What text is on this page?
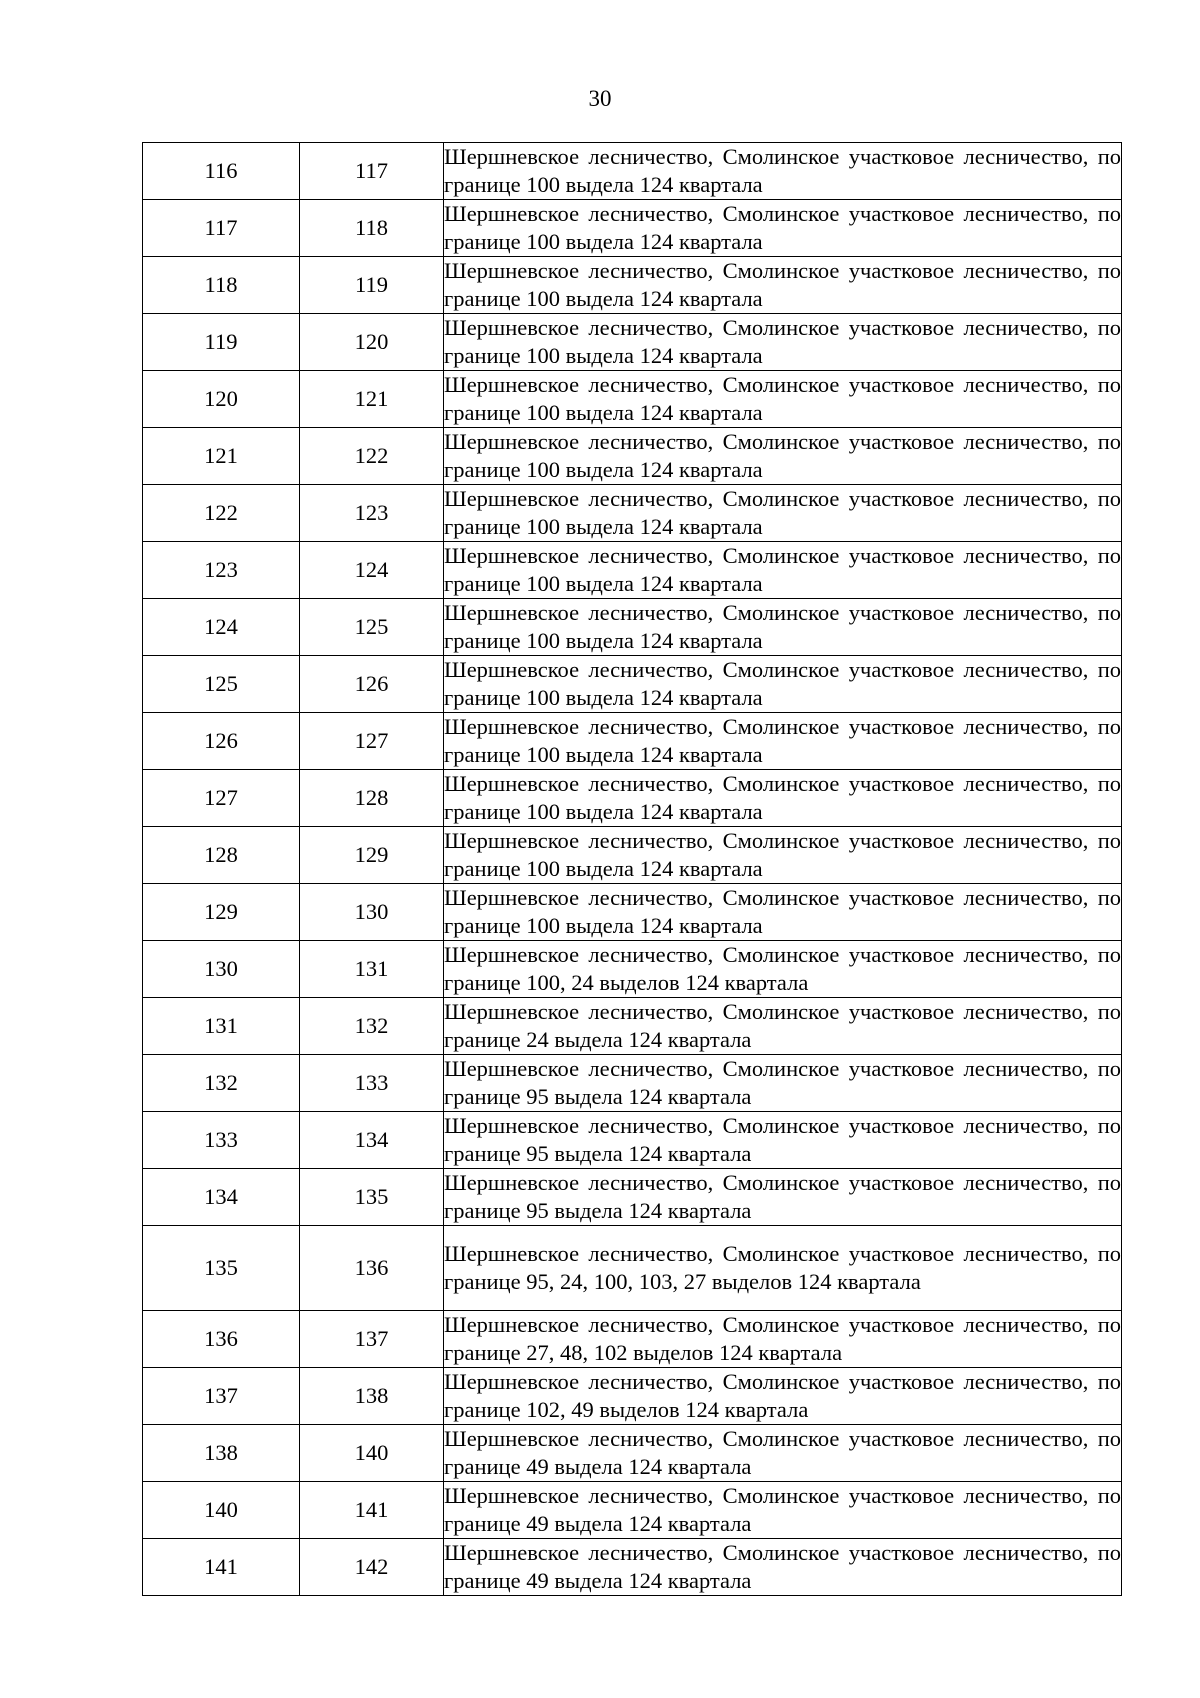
30
116	117	Шершневское лесничество, Смолинское участковое лесничество, по границе 100 выдела 124 квартала
117	118	Шершневское лесничество, Смолинское участковое лесничество, по границе 100 выдела 124 квартала
118	119	Шершневское лесничество, Смолинское участковое лесничество, по границе 100 выдела 124 квартала
119	120	Шершневское лесничество, Смолинское участковое лесничество, по границе 100 выдела 124 квартала
120	121	Шершневское лесничество, Смолинское участковое лесничество, по границе 100 выдела 124 квартала
121	122	Шершневское лесничество, Смолинское участковое лесничество, по границе 100 выдела 124 квартала
122	123	Шершневское лесничество, Смолинское участковое лесничество, по границе 100 выдела 124 квартала
123	124	Шершневское лесничество, Смолинское участковое лесничество, по границе 100 выдела 124 квартала
124	125	Шершневское лесничество, Смолинское участковое лесничество, по границе 100 выдела 124 квартала
125	126	Шершневское лесничество, Смолинское участковое лесничество, по границе 100 выдела 124 квартала
126	127	Шершневское лесничество, Смолинское участковое лесничество, по границе 100 выдела 124 квартала
127	128	Шершневское лесничество, Смолинское участковое лесничество, по границе 100 выдела 124 квартала
128	129	Шершневское лесничество, Смолинское участковое лесничество, по границе 100 выдела 124 квартала
129	130	Шершневское лесничество, Смолинское участковое лесничество, по границе 100 выдела 124 квартала
130	131	Шершневское лесничество, Смолинское участковое лесничество, по границе 100, 24 выделов 124 квартала
131	132	Шершневское лесничество, Смолинское участковое лесничество, по границе 24 выдела 124 квартала
132	133	Шершневское лесничество, Смолинское участковое лесничество, по границе 95 выдела 124 квартала
133	134	Шершневское лесничество, Смолинское участковое лесничество, по границе 95 выдела 124 квартала
134	135	Шершневское лесничество, Смолинское участковое лесничество, по границе 95 выдела 124 квартала
135	136	Шершневское лесничество, Смолинское участковое лесничество, по границе 95, 24, 100, 103, 27 выделов 124 квартала
136	137	Шершневское лесничество, Смолинское участковое лесничество, по границе 27, 48, 102 выделов 124 квартала
137	138	Шершневское лесничество, Смолинское участковое лесничество, по границе 102, 49 выделов 124 квартала
138	140	Шершневское лесничество, Смолинское участковое лесничество, по границе 49 выдела 124 квартала
140	141	Шершневское лесничество, Смолинское участковое лесничество, по границе 49 выдела 124 квартала
141	142	Шершневское лесничество, Смолинское участковое лесничество, по границе 49 выдела 124 квартала
